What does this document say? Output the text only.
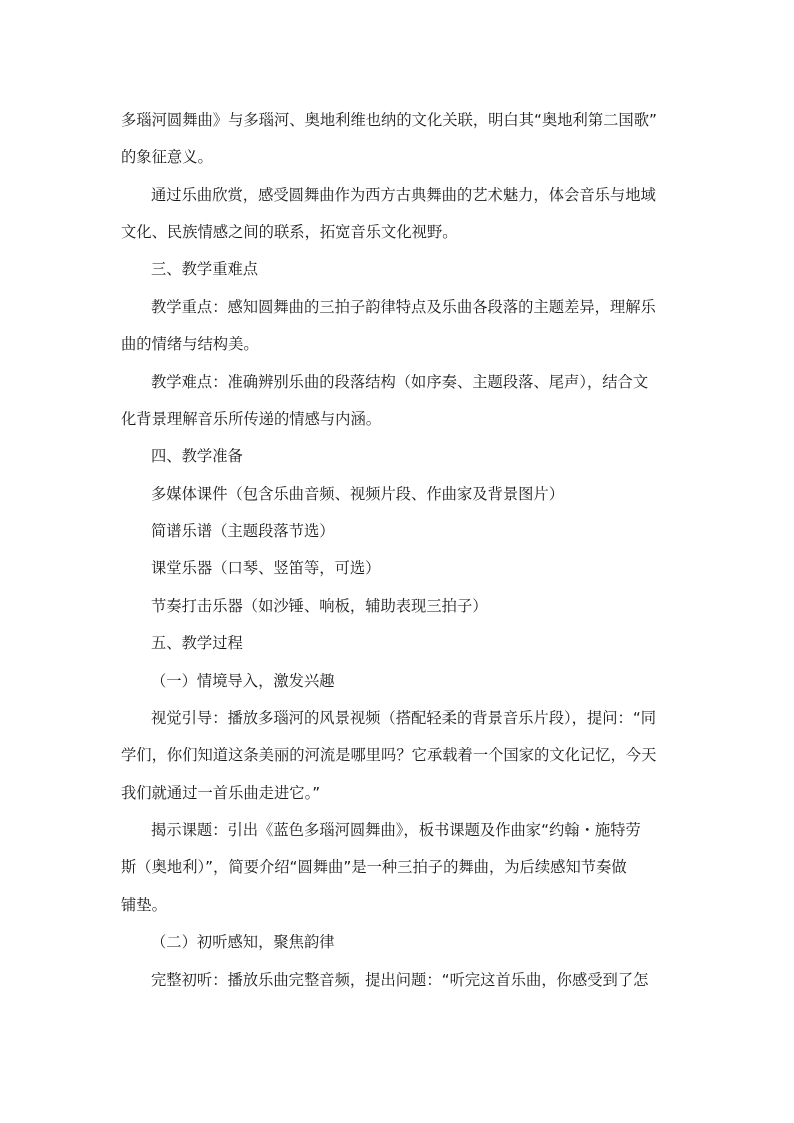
多瑙河圆舞曲》与多瑙河、奥地利维也纳的文化关联，明白其“奥地利第二国歌”
的象征意义。
通过乐曲欣赏，感受圆舞曲作为西方古典舞曲的艺术魅力，体会音乐与地域
文化、民族情感之间的联系，拓宽音乐文化视野。
三、教学重难点
教学重点：感知圆舞曲的三拍子韵律特点及乐曲各段落的主题差异，理解乐
曲的情绪与结构美。
教学难点：准确辨别乐曲的段落结构（如序奏、主题段落、尾声），结合文
化背景理解音乐所传递的情感与内涵。
四、教学准备
多媒体课件（包含乐曲音频、视频片段、作曲家及背景图片）
简谱乐谱（主题段落节选）
课堂乐器（口琴、竖笛等，可选）
节奏打击乐器（如沙锤、响板，辅助表现三拍子）
五、教学过程
（一）情境导入，激发兴趣
视觉引导：播放多瑙河的风景视频（搭配轻柔的背景音乐片段），提问：“同
学们，你们知道这条美丽的河流是哪里吗？它承载着一个国家的文化记忆，今天
我们就通过一首乐曲走进它。”
揭示课题：引出《蓝色多瑙河圆舞曲》，板书课题及作曲家“约翰・施特劳
斯（奥地利）”，简要介绍“圆舞曲”是一种三拍子的舞曲，为后续感知节奏做
铺垫。
（二）初听感知，聚焦韵律
完整初听：播放乐曲完整音频，提出问题：“听完这首乐曲，你感受到了怎
